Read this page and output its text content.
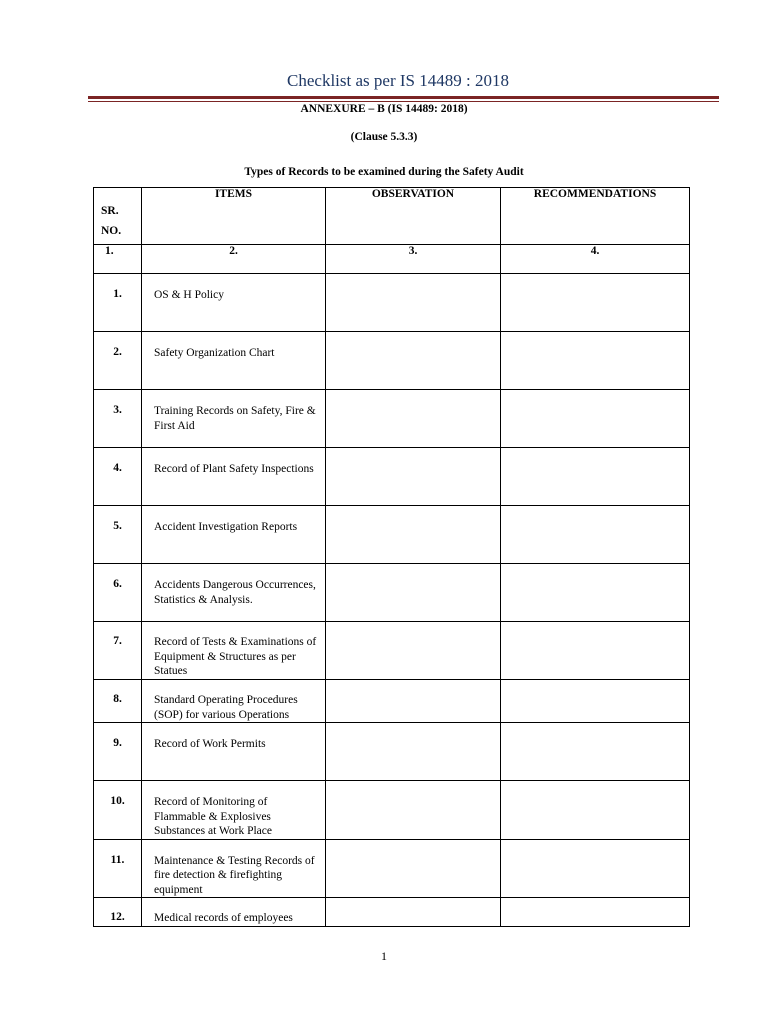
Checklist as per IS 14489 : 2018
ANNEXURE – B (IS 14489: 2018)
(Clause 5.3.3)
Types of Records to be examined during the Safety Audit
SR.
NO.	ITEMS	OBSERVATION	RECOMMENDATIONS
1.	2.	3.	4.
1.	OS & H Policy		
2.	Safety Organization Chart		
3.	Training Records on Safety, Fire & First Aid		
4.	Record of Plant Safety Inspections		
5.	Accident Investigation Reports		
6.	Accidents Dangerous Occurrences, Statistics & Analysis.		
7.	Record of Tests & Examinations of Equipment & Structures as per Statues		
8.	Standard Operating Procedures (SOP) for various Operations		
9.	Record of Work Permits		
10.	Record of Monitoring of Flammable & Explosives Substances at Work Place		
11.	Maintenance & Testing Records of fire detection & firefighting equipment		
12.	Medical records of employees		
1
